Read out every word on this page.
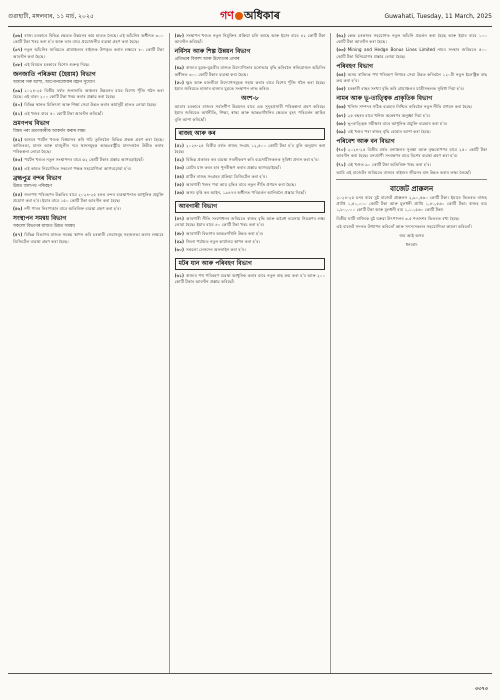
গুৱাহাটী, মঙ্গলবাৰ, ১১ মাৰ্চ, ২০২৫	গণ অধিকাৰ	Guwahati, Tuesday, 11 March, 2025

(৩৬) ৰাজ্য চৰকাৰে বিভিন্ন ক্ষেত্ৰত উন্নয়নৰ কাম হাতত লৈছে। এই আঁচনিৰ অধীনত ৩০০ কোটি টকা খৰচ কৰা হ’ব আৰু তাৰ বাবে প্ৰয়োজনীয় ব্যৱস্থা গ্ৰহণ কৰা হৈছে।

(৩৭) নতুন আঁচনিৰ জৰিয়তে গ্ৰামাঞ্চলৰ ৰাইজক উপকৃত কৰাৰ লক্ষ্যৰে ৮০ কোটি টকা আবণ্টন কৰা হৈছে।

(৩৮) এই বিষয়ত চৰকাৰে বিশেষ গুৰুত্ব দিছে।

জনজাতি পৰিক্ৰমা (হৈয়াম) বিভাগ
আমাৰ সৰু আশা, আপোনালোকৰ মহান সুযোগ

(৩৯) ২০২৪-২৫ বিত্তীয় বৰ্ষত জনজাতি অঞ্চলৰ উন্নয়নৰ বাবে বিশেষ পুঁজি গঠন কৰা হৈছে। এই বাবদ ২০০ কোটি টকা খৰচ কৰাৰ প্ৰস্তাৱ কৰা হৈছে।

(৪০) বিভিন্ন স্থানত চিকিৎসা আৰু শিক্ষা সেৱা উন্নত কৰাৰ কাৰ্যসূচী হাতত লোৱা হৈছে।

(৪১) এই খণ্ডৰ বাবে ৫০ কোটি টকা আবণ্টন কৰিছোঁ।

ভ্ৰমণপথ বিভাগ
বিশ্বৰ পৰা ভ্ৰমণকাৰীক আকৰ্ষণ কৰাৰ লক্ষ্য

(৪২) অসমৰ পৰ্যটন খণ্ডক বিশ্বমানৰ কৰি গঢ়ি তুলিবলৈ বিভিন্ন প্ৰকল্প গ্ৰহণ কৰা হৈছে। কাজিৰঙা, মানস আৰু মাজুলীৰ দৰে স্থানসমূহক আন্তঃৰাষ্ট্ৰীয় মানদণ্ডলৈ উন্নীত কৰাৰ পৰিকল্পনা লোৱা হৈছে।

(৪৩) পৰ্যটন খণ্ডত নতুন সংস্থাপনৰ বাবে ৬২ কোটি টকাৰ প্ৰস্তাৱ আগবঢ়াইছোঁ।

(৪৪) এই কামত নিয়োজিত সকলো পক্ষক সহযোগিতা আগবঢ়োৱা হ’ব।

ব্ৰহ্মপুত্ৰ বন্দৰ বিভাগ
উন্নত জলপথ পৰিবহণ

(৪৫) জলপথ পৰিবহণৰ উন্নতিৰ বাবে ২০২৪-২৫ চনত বন্দৰ ব্যৱস্থাপনাত আধুনিক প্ৰযুক্তি প্ৰয়োগ কৰা হ’ব। ইয়াৰ বাবে ১৫০ কোটি টকা আবণ্টন কৰা হৈছে।

(৪৬) নদী পাৰৰ নিৰাপত্তাৰ বাবে অতিৰিক্ত ব্যৱস্থা গ্ৰহণ কৰা হ’ব।

সংস্থাপন সমন্বয় বিভাগ
সকলো বিভাগৰ মাজত উন্নত সমন্বয়

(৪৭) বিভিন্ন বিভাগৰ মাজত সমন্বয় স্থাপন কৰি চৰকাৰী সেৱাসমূহ সহজলভ্য কৰাৰ লক্ষ্যৰে ডিজিটেল ব্যৱস্থা গ্ৰহণ কৰা হৈছে।

(৪৮) সংস্থাপন খণ্ডত নতুন নিযুক্তিৰ প্ৰক্ৰিয়া চলি আছে আৰু ইয়াৰ বাবে ৪২ কোটি টকা আবণ্টন কৰিছোঁ।

নৰ্বিসম আৰু শিল্প উন্নয়ন বিভাগ
প্ৰতিভাৰ বিকাশ আৰু উদ্যোগৰ প্ৰসাৰ

(৪৯) ৰাজ্যৰ যুৱক-যুৱতীৰ মাজত উদ্যোগিতাৰ মনোভাৱ বৃদ্ধি কৰিবলৈ স্বনিয়োজন আঁচনিৰ অধীনত ৩০০ কোটি টকাৰ ব্যৱস্থা কৰা হৈছে।

(৫০) ক্ষুদ্ৰ আৰু মজলীয়া উদ্যোগসমূহক সহায় কৰাৰ বাবে বিশেষ পুঁজি গঠন কৰা হৈছে। ইয়াৰ জৰিয়তে হাজাৰ হাজাৰ যুৱকে সংস্থাপন লাভ কৰিব।

অংশ-৮

আমাৰ চৰকাৰে ৰাজ্যৰ সৰ্বাংগীণ উন্নয়নৰ বাবে এক সুদূৰপ্ৰসাৰী পৰিকল্পনা গ্ৰহণ কৰিছে। ইয়াৰ জৰিয়তে অৰ্থনীতি, শিক্ষা, স্বাস্থ্য আৰু আন্তঃগাঁথনিৰ ক্ষেত্ৰত বৃহৎ পৰিৱৰ্তন আহিব বুলি আশা কৰিছোঁ।

ৰাজহ আৰু কৰ

(৫১) ২০২৪-২৫ বিত্তীয় বৰ্ষত ৰাজহ সংগ্ৰহ ১২,৫০০ কোটি টকা হ’ব বুলি অনুমান কৰা হৈছে।

(৫২) বিভিন্ন প্ৰকাৰৰ কৰ ব্যৱস্থা সৰলীকৰণ কৰি ব্যৱসায়ীসকলক সুবিধা প্ৰদান কৰা হ’ব।

(৫৩) মোটৰ যান কৰৰ হাৰ পুনৰীক্ষণ কৰাৰ প্ৰস্তাৱ আগবঢ়াইছোঁ।

(৫৪) মাটিৰ ৰাজহ সংগ্ৰহৰ প্ৰক্ৰিয়া ডিজিটেল কৰা হ’ব।

(৫৫) আবগাৰী খণ্ডৰ পৰা আয় বৃদ্ধিৰ বাবে নতুন নীতি প্ৰণয়ন কৰা হৈছে।

(৫৬) অসম বৃত্তি কৰ আইন, ১৯৪৭ৰ অধীনত পৰিৱৰ্তন আনিবলৈ প্ৰস্তাৱ দিছোঁ।

আবগাৰী বিভাগ

(৫৭) আবগাৰী নীতি সংশোধনৰ জৰিয়তে ৰাজহ বৃদ্ধি আৰু অবৈধ ব্যৱসায় নিয়ন্ত্ৰণৰ লক্ষ্য লোৱা হৈছে। ইয়াৰ বাবে ৪০ কোটি টকা খৰচ কৰা হ’ব।

(৫৮) আবগাৰী বিভাগৰ আন্তঃগাঁথনি উন্নত কৰা হ’ব।

(৫৯) জিলা পৰ্যায়ত নতুন কাৰ্যালয় স্থাপন কৰা হ’ব।

(৬০) সকলো লেনদেন অনলাইন কৰা হ’ব।

মটৰ যান আৰু পৰিবহণ বিভাগ

(৬১) ৰাজ্যৰ পথ পৰিবহণ ব্যৱস্থা আধুনিক কৰাৰ বাবে নতুন বাছ ক্ৰয় কৰা হ’ব আৰু ২০০ কোটি টকাৰ আবণ্টন প্ৰস্তাৱ কৰিছোঁ।

(৬২) কেন্দ্ৰ চৰকাৰৰ সহযোগত নতুন আঁচনি প্ৰৱৰ্তন কৰা হৈছে আৰু ইয়াৰ বাবে ১০০ কোটি টকা আবণ্টন কৰা হৈছে।

(৬৩) Mining and Hedge Bonus Lines Limited নামৰ সংস্থাৰ জৰিয়তে ৫০০ কোটি টকা বিনিয়োগৰ প্ৰস্তাৱ লোৱা হৈছে।

পৰিবহণ বিভাগ

(৬৪) অসম ৰাজ্যিক পথ পৰিবহণ নিগমৰ সেৱা উন্নত কৰিবলৈ ১২০টা নতুন ইলেক্ট্ৰিক বাছ ক্ৰয় কৰা হ’ব।

(৬৫) চৰকাৰী বাছৰ সংখ্যা বৃদ্ধি কৰি গ্ৰামাঞ্চলৰ যাত্ৰীসকলক সুবিধা দিয়া হ’ব।

নামৰ আৰু ভূ-তাত্ত্বিক প্ৰাকৃতিক বিভাগ

(৬৬) খনিজ সম্পদৰ সঠিক ব্যৱহাৰ নিশ্চিত কৰিবলৈ নতুন নীতি প্ৰণয়ন কৰা হৈছে।

(৬৭) ২৫ বছৰৰ বাবে খনিজ অন্বেষণৰ অনুজ্ঞা দিয়া হ’ব।

(৬৮) ভূ-তাত্ত্বিক সমীক্ষাৰ বাবে আধুনিক প্ৰযুক্তি ব্যৱহাৰ কৰা হ’ব।

(৬৯) এই খণ্ডৰ পৰা ৰাজহ বৃদ্ধি হোৱাৰ আশা কৰা হৈছে।

পৰিবেশ আৰু বন বিভাগ

(৭০) ২০২৪-২৫ বিত্তীয় বৰ্ষত বনাঞ্চলৰ সুৰক্ষা আৰু বৃক্ষৰোপণৰ বাবে ২৫০ কোটি টকা আবণ্টন কৰা হৈছে। বন্যপ্ৰাণী সংৰক্ষণৰ বাবে বিশেষ ব্যৱস্থা গ্ৰহণ কৰা হ’ব।

(৭১) এই খণ্ডত ৯০ কোটি টকা অতিৰিক্ত খৰচ কৰা হ’ব।

আমি এই বাজেটৰ জৰিয়তে ৰাজ্যৰ ৰাইজৰ জীৱনৰ মান উন্নত কৰাৰ লক্ষ্য লৈছোঁ।

বাজেট প্ৰাক্কলন

২০২৪-২৫ চনৰ বাবে মুঠ বাজেট প্ৰাক্কলন ২,৯০,৫৬০ কোটি টকা। ইয়াৰে ভিতৰত ৰাজহ প্ৰাপ্তি ১,৫০,০০০ কোটি টকা আৰু মূলধনী প্ৰাপ্তি ১,৪০,৫৬০ কোটি টকা। ৰাজহ ব্যয় ১,৮০,০০০ কোটি টকা আৰু মূলধনী ব্যয় ১,১০,৫৬০ কোটি টকা।

বিত্তীয় ঘাটি ৰাজ্যিক মুঠ ঘৰুৱা উৎপাদনৰ ৩.৫ শতাংশৰ ভিতৰত ৰখা হৈছে।

এই বাজেট সদনত উত্থাপন কৰিলোঁ আৰু সদস্যসকলৰ সহযোগিতা কামনা কৰিলোঁ।

জয় আই অসম
ধন্যবাদ
৩৩৭৩
